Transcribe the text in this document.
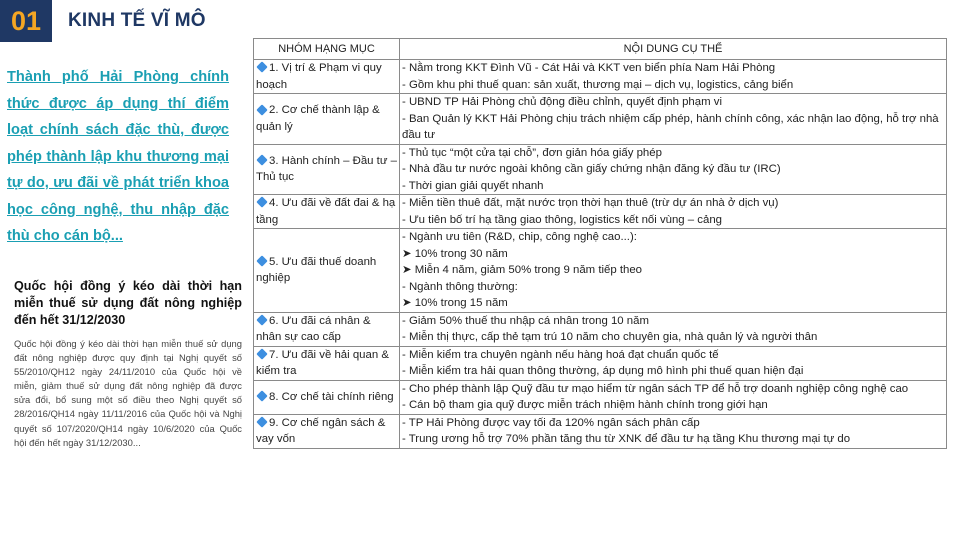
01 KINH TẾ VĨ MÔ
Thành phố Hải Phòng chính thức được áp dụng thí điểm loạt chính sách đặc thù, được phép thành lập khu thương mại tự do, ưu đãi về phát triển khoa học công nghệ, thu nhập đặc thù cho cán bộ...
Quốc hội đồng ý kéo dài thời hạn miễn thuế sử dụng đất nông nghiệp đến hết 31/12/2030
Quốc hội đồng ý kéo dài thời hạn miễn thuế sử dụng đất nông nghiệp được quy định tại Nghị quyết số 55/2010/QH12 ngày 24/11/2010 của Quốc hội về miễn, giảm thuế sử dụng đất nông nghiệp đã được sửa đổi, bổ sung một số điều theo Nghị quyết số 28/2016/QH14 ngày 11/11/2016 của Quốc hội và Nghị quyết số 107/2020/QH14 ngày 10/6/2020 của Quốc hội đến hết ngày 31/12/2030...
NHÓM HẠNG MỤC	NỘI DUNG CỤ THỂ
1. Vị trí & Phạm vi quy hoạch	- Nằm trong KKT Đình Vũ - Cát Hải và KKT ven biển phía Nam Hải Phòng
- Gồm khu phi thuế quan: sản xuất, thương mại – dịch vụ, logistics, cảng biển

2. Cơ chế thành lập & quản lý	- UBND TP Hải Phòng chủ động điều chỉnh, quyết định phạm vi
- Ban Quản lý KKT Hải Phòng chịu trách nhiệm cấp phép, hành chính công, xác nhận lao động, hỗ trợ nhà đầu tư

3. Hành chính – Đầu tư – Thủ tục	- Thủ tục “một cửa tại chỗ”, đơn giản hóa giấy phép
- Nhà đầu tư nước ngoài không cần giấy chứng nhận đăng ký đầu tư (IRC)
- Thời gian giải quyết nhanh

4. Ưu đãi về đất đai & hạ tầng	- Miễn tiền thuê đất, mặt nước trọn thời hạn thuê (trừ dự án nhà ở dịch vụ)
- Ưu tiên bố trí hạ tầng giao thông, logistics kết nối vùng – cảng

5. Ưu đãi thuế doanh nghiệp	- Ngành ưu tiên (R&D, chip, công nghệ cao...):
➤ 10% trong 30 năm
➤ Miễn 4 năm, giảm 50% trong 9 năm tiếp theo
- Ngành thông thường:
➤ 10% trong 15 năm

6. Ưu đãi cá nhân & nhân sự cao cấp	- Giảm 50% thuế thu nhập cá nhân trong 10 năm
- Miễn thị thực, cấp thẻ tạm trú 10 năm cho chuyên gia, nhà quản lý và người thân

7. Ưu đãi về hải quan & kiểm tra	- Miễn kiểm tra chuyên ngành nếu hàng hoá đạt chuẩn quốc tế
- Miễn kiểm tra hải quan thông thường, áp dụng mô hình phi thuế quan hiện đại

8. Cơ chế tài chính riêng	- Cho phép thành lập Quỹ đầu tư mạo hiểm từ ngân sách TP để hỗ trợ doanh nghiệp công nghệ cao
- Cán bộ tham gia quỹ được miễn trách nhiệm hành chính trong giới hạn

9. Cơ chế ngân sách & vay vốn	- TP Hải Phòng được vay tối đa 120% ngân sách phân cấp
- Trung ương hỗ trợ 70% phần tăng thu từ XNK để đầu tư hạ tầng Khu thương mại tự do
